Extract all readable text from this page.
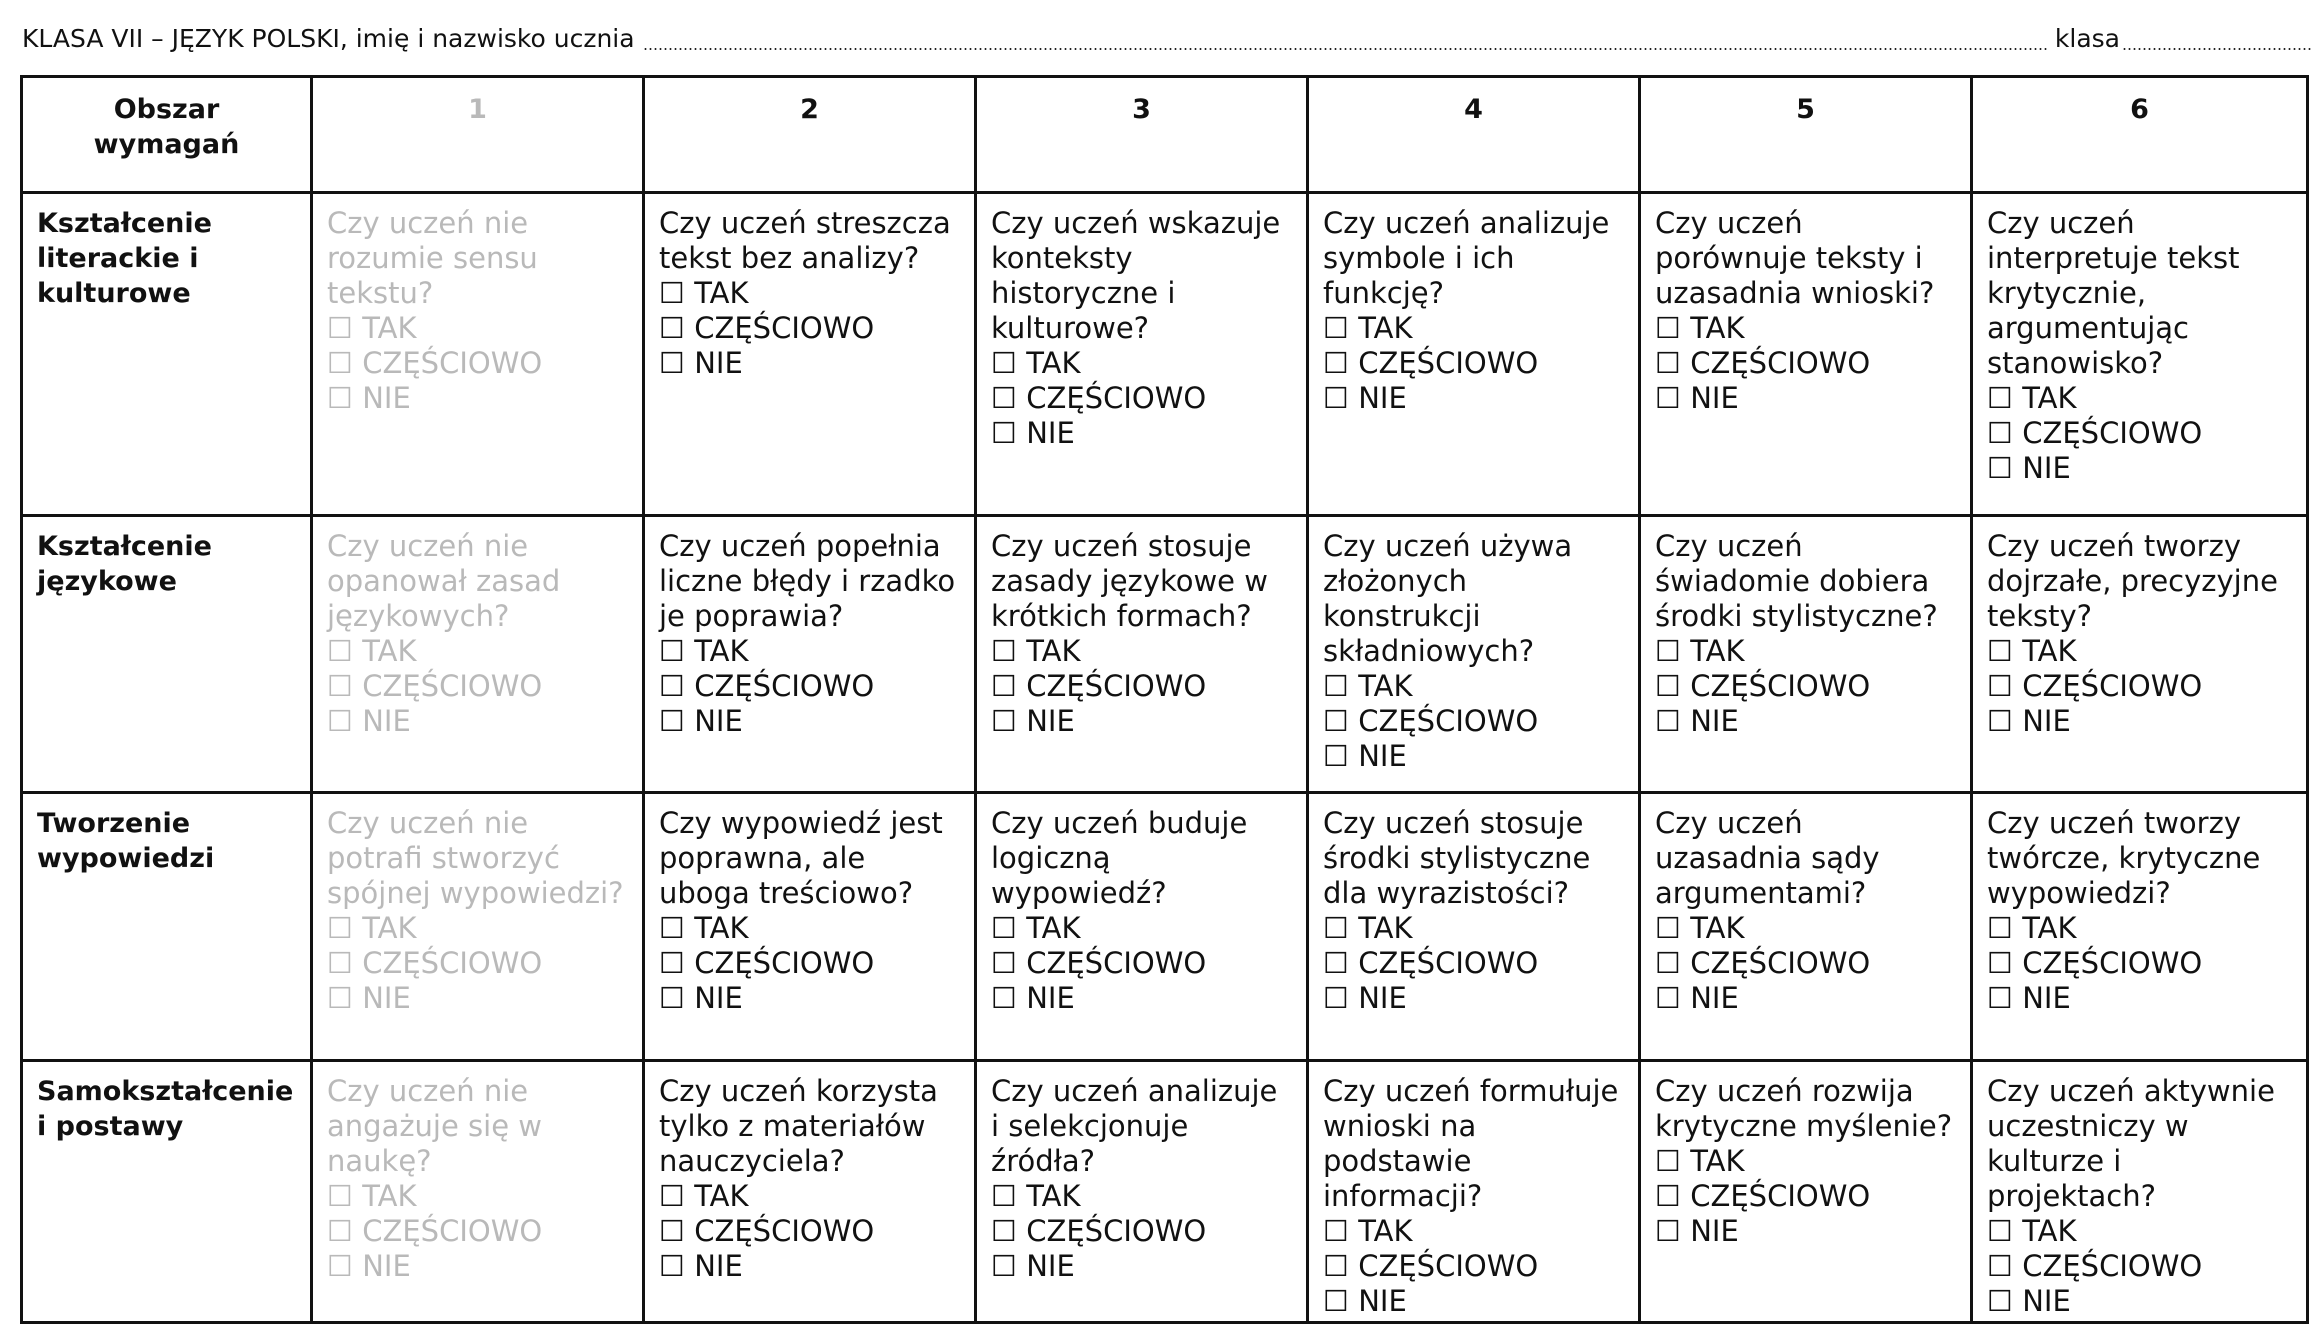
KLASA VII – JĘZYK POLSKI, imię i nazwisko ucznia	klasa
Obszar wymagań	1	2	3	4	5	6
Kształcenie literackie i kulturowe	Czy uczeń nie rozumie sensu tekstu?
☐ TAK
☐ CZĘŚCIOWO
☐ NIE	Czy uczeń streszcza tekst bez analizy?
☐ TAK
☐ CZĘŚCIOWO
☐ NIE	Czy uczeń wskazuje konteksty historyczne i kulturowe?
☐ TAK
☐ CZĘŚCIOWO
☐ NIE	Czy uczeń analizuje symbole i ich funkcję?
☐ TAK
☐ CZĘŚCIOWO
☐ NIE	Czy uczeń porównuje teksty i uzasadnia wnioski?
☐ TAK
☐ CZĘŚCIOWO
☐ NIE	Czy uczeń interpretuje tekst krytycznie, argumentując stanowisko?
☐ TAK
☐ CZĘŚCIOWO
☐ NIE

Kształcenie językowe	Czy uczeń nie opanował zasad językowych?
☐ TAK
☐ CZĘŚCIOWO
☐ NIE	Czy uczeń popełnia liczne błędy i rzadko je poprawia?
☐ TAK
☐ CZĘŚCIOWO
☐ NIE	Czy uczeń stosuje zasady językowe w krótkich formach?
☐ TAK
☐ CZĘŚCIOWO
☐ NIE	Czy uczeń używa złożonych konstrukcji składniowych?
☐ TAK
☐ CZĘŚCIOWO
☐ NIE	Czy uczeń świadomie dobiera środki stylistyczne?
☐ TAK
☐ CZĘŚCIOWO
☐ NIE	Czy uczeń tworzy dojrzałe, precyzyjne teksty?
☐ TAK
☐ CZĘŚCIOWO
☐ NIE

Tworzenie wypowiedzi	Czy uczeń nie potrafi stworzyć spójnej wypowiedzi?
☐ TAK
☐ CZĘŚCIOWO
☐ NIE	Czy wypowiedź jest poprawna, ale uboga treściowo?
☐ TAK
☐ CZĘŚCIOWO
☐ NIE	Czy uczeń buduje logiczną wypowiedź?
☐ TAK
☐ CZĘŚCIOWO
☐ NIE	Czy uczeń stosuje środki stylistyczne dla wyrazistości?
☐ TAK
☐ CZĘŚCIOWO
☐ NIE	Czy uczeń uzasadnia sądy argumentami?
☐ TAK
☐ CZĘŚCIOWO
☐ NIE	Czy uczeń tworzy twórcze, krytyczne wypowiedzi?
☐ TAK
☐ CZĘŚCIOWO
☐ NIE

Samokształcenie i postawy	Czy uczeń nie angażuje się w naukę?
☐ TAK
☐ CZĘŚCIOWO
☐ NIE	Czy uczeń korzysta tylko z materiałów nauczyciela?
☐ TAK
☐ CZĘŚCIOWO
☐ NIE	Czy uczeń analizuje i selekcjonuje źródła?
☐ TAK
☐ CZĘŚCIOWO
☐ NIE	Czy uczeń formułuje wnioski na podstawie informacji?
☐ TAK
☐ CZĘŚCIOWO
☐ NIE	Czy uczeń rozwija krytyczne myślenie?
☐ TAK
☐ CZĘŚCIOWO
☐ NIE	Czy uczeń aktywnie uczestniczy w kulturze i projektach?
☐ TAK
☐ CZĘŚCIOWO
☐ NIE
